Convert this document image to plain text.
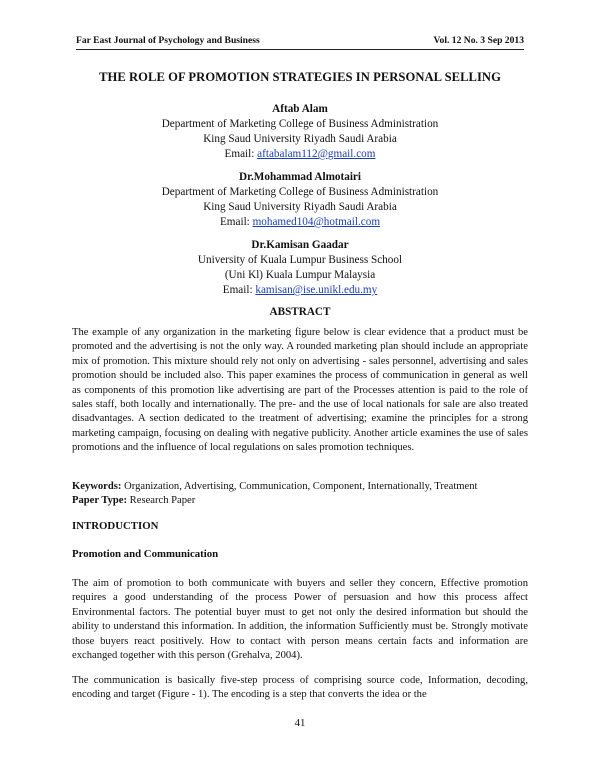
Far East Journal of Psychology and Business	Vol. 12 No. 3 Sep 2013
THE ROLE OF PROMOTION STRATEGIES IN PERSONAL SELLING
Aftab Alam
Department of Marketing College of Business Administration
King Saud University Riyadh Saudi Arabia
Email: aftabalam112@gmail.com
Dr.Mohammad Almotairi
Department of Marketing College of Business Administration
King Saud University Riyadh Saudi Arabia
Email: mohamed104@hotmail.com
Dr.Kamisan Gaadar
University of Kuala Lumpur Business School
(Uni Kl) Kuala Lumpur Malaysia
Email: kamisan@ise.unikl.edu.my
ABSTRACT

The example of any organization in the marketing figure below is clear evidence that a product must be promoted and the advertising is not the only way. A rounded marketing plan should include an appropriate mix of promotion. This mixture should rely not only on advertising - sales personnel, advertising and sales promotion should be included also. This paper examines the process of communication in general as well as components of this promotion like advertising are part of the Processes attention is paid to the role of sales staff, both locally and internationally. The pre- and the use of local nationals for sale are also treated disadvantages. A section dedicated to the treatment of advertising; examine the principles for a strong marketing campaign, focusing on dealing with negative publicity. Another article examines the use of sales promotions and the influence of local regulations on sales promotion techniques.

Keywords: Organization, Advertising, Communication, Component, Internationally, Treatment
Paper Type: Research Paper
INTRODUCTION
Promotion and Communication

The aim of promotion to both communicate with buyers and seller they concern, Effective promotion requires a good understanding of the process Power of persuasion and how this process affect Environmental factors. The potential buyer must to get not only the desired information but should the ability to understand this information. In addition, the information Sufficiently must be. Strongly motivate those buyers react positively. How to contact with person means certain facts and information are exchanged together with this person (Grehalva, 2004).

The communication is basically five-step process of comprising source code, Information, decoding, encoding and target (Figure - 1). The encoding is a step that converts the idea or the

41
